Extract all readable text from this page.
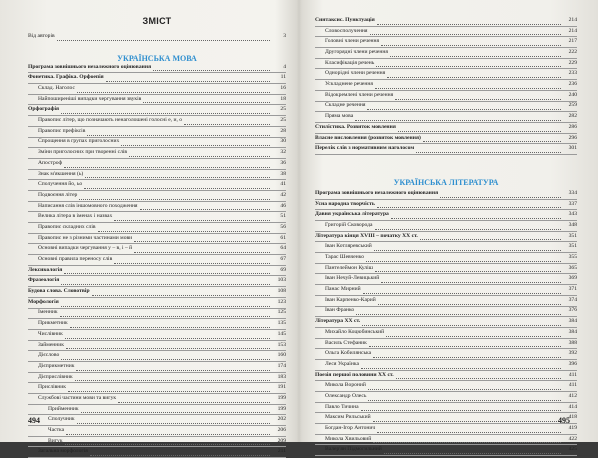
ЗМІСТ
Від авторів	3
УКРАЇНСЬКА МОВА
Програма зовнішнього незалежного оцінювання	4
Фонетика. Графіка. Орфоепія	11
Склад. Наголос	16
Найпоширеніші випадки чергування звуків	18
Орфографія	25
Правопис літер, що позначають ненаголошені голосні е, и, о	25
Правопис префіксів	28
Спрощення в групах приголосних	30
Зміни приголосних при творенні слів	32
Апостроф	36
Знак м'якшення (ь)	38
Сполучення йо, ьо	41
Подвоєння літер	42
Написання слів іншомовного походження	46
Велика літера в іменах і назвах	51
Правопис складних слів	56
Правопис не з різними частинами мови	61
Основні випадки чергування у – в, і – й	64
Основні правила переносу слів	67
Лексикологія	69
Фразеологія	103
Будова слова. Словотвір	108
Морфологія	123
Іменник	125
Прикметник	135
Числівник	145
Займенник	153
Дієслово	160
Дієприкметник	174
Дієприслівник	183
Прислівник	191
Службові частини мови та вигук	199
Прийменник	199
Сполучник	202
Частка	206
Вигук	209
Загальна морфологія	211
494
Синтаксис. Пунктуація	214
Словосполучення	214
Головні члени речення	217
Другорядні члени речення	222
Класифікація речень	229
Однорідні члени речення	233
Ускладнене речення	236
Відокремлені члени речення	240
Складне речення	259
Пряма мова	282
Стилістика. Розвиток мовлення	286
Власне висловлення (розвиток мовлення)	296
Перелік слів з нормативним наголосом	301
УКРАЇНСЬКА ЛІТЕРАТУРА
Програма зовнішнього незалежного оцінювання	334
Усна народна творчість	337
Давня українська література	343
Григорій Сковорода	348
Література кінця XVIII – початку XX ст.	351
Іван Котляревський	351
Тарас Шевченко	355
Пантелеймон Куліш	365
Іван Нечуй-Левицький	369
Панас Мирний	371
Іван Карпенко-Карий	374
Іван Франко	376
Література XX ст.	384
Михайло Коцюбинський	384
Василь Стефаник	388
Ольга Кобилянська	392
Леся Українка	396
Поезія першої половини XX ст.	411
Микола Вороний	411
Олександр Олесь	412
Павло Тичина	414
Максим Рильський	418
Богдан-Ігор Антонич	419
Микола Хвильовий	422
Валер'ян Підмогильний	425
495
